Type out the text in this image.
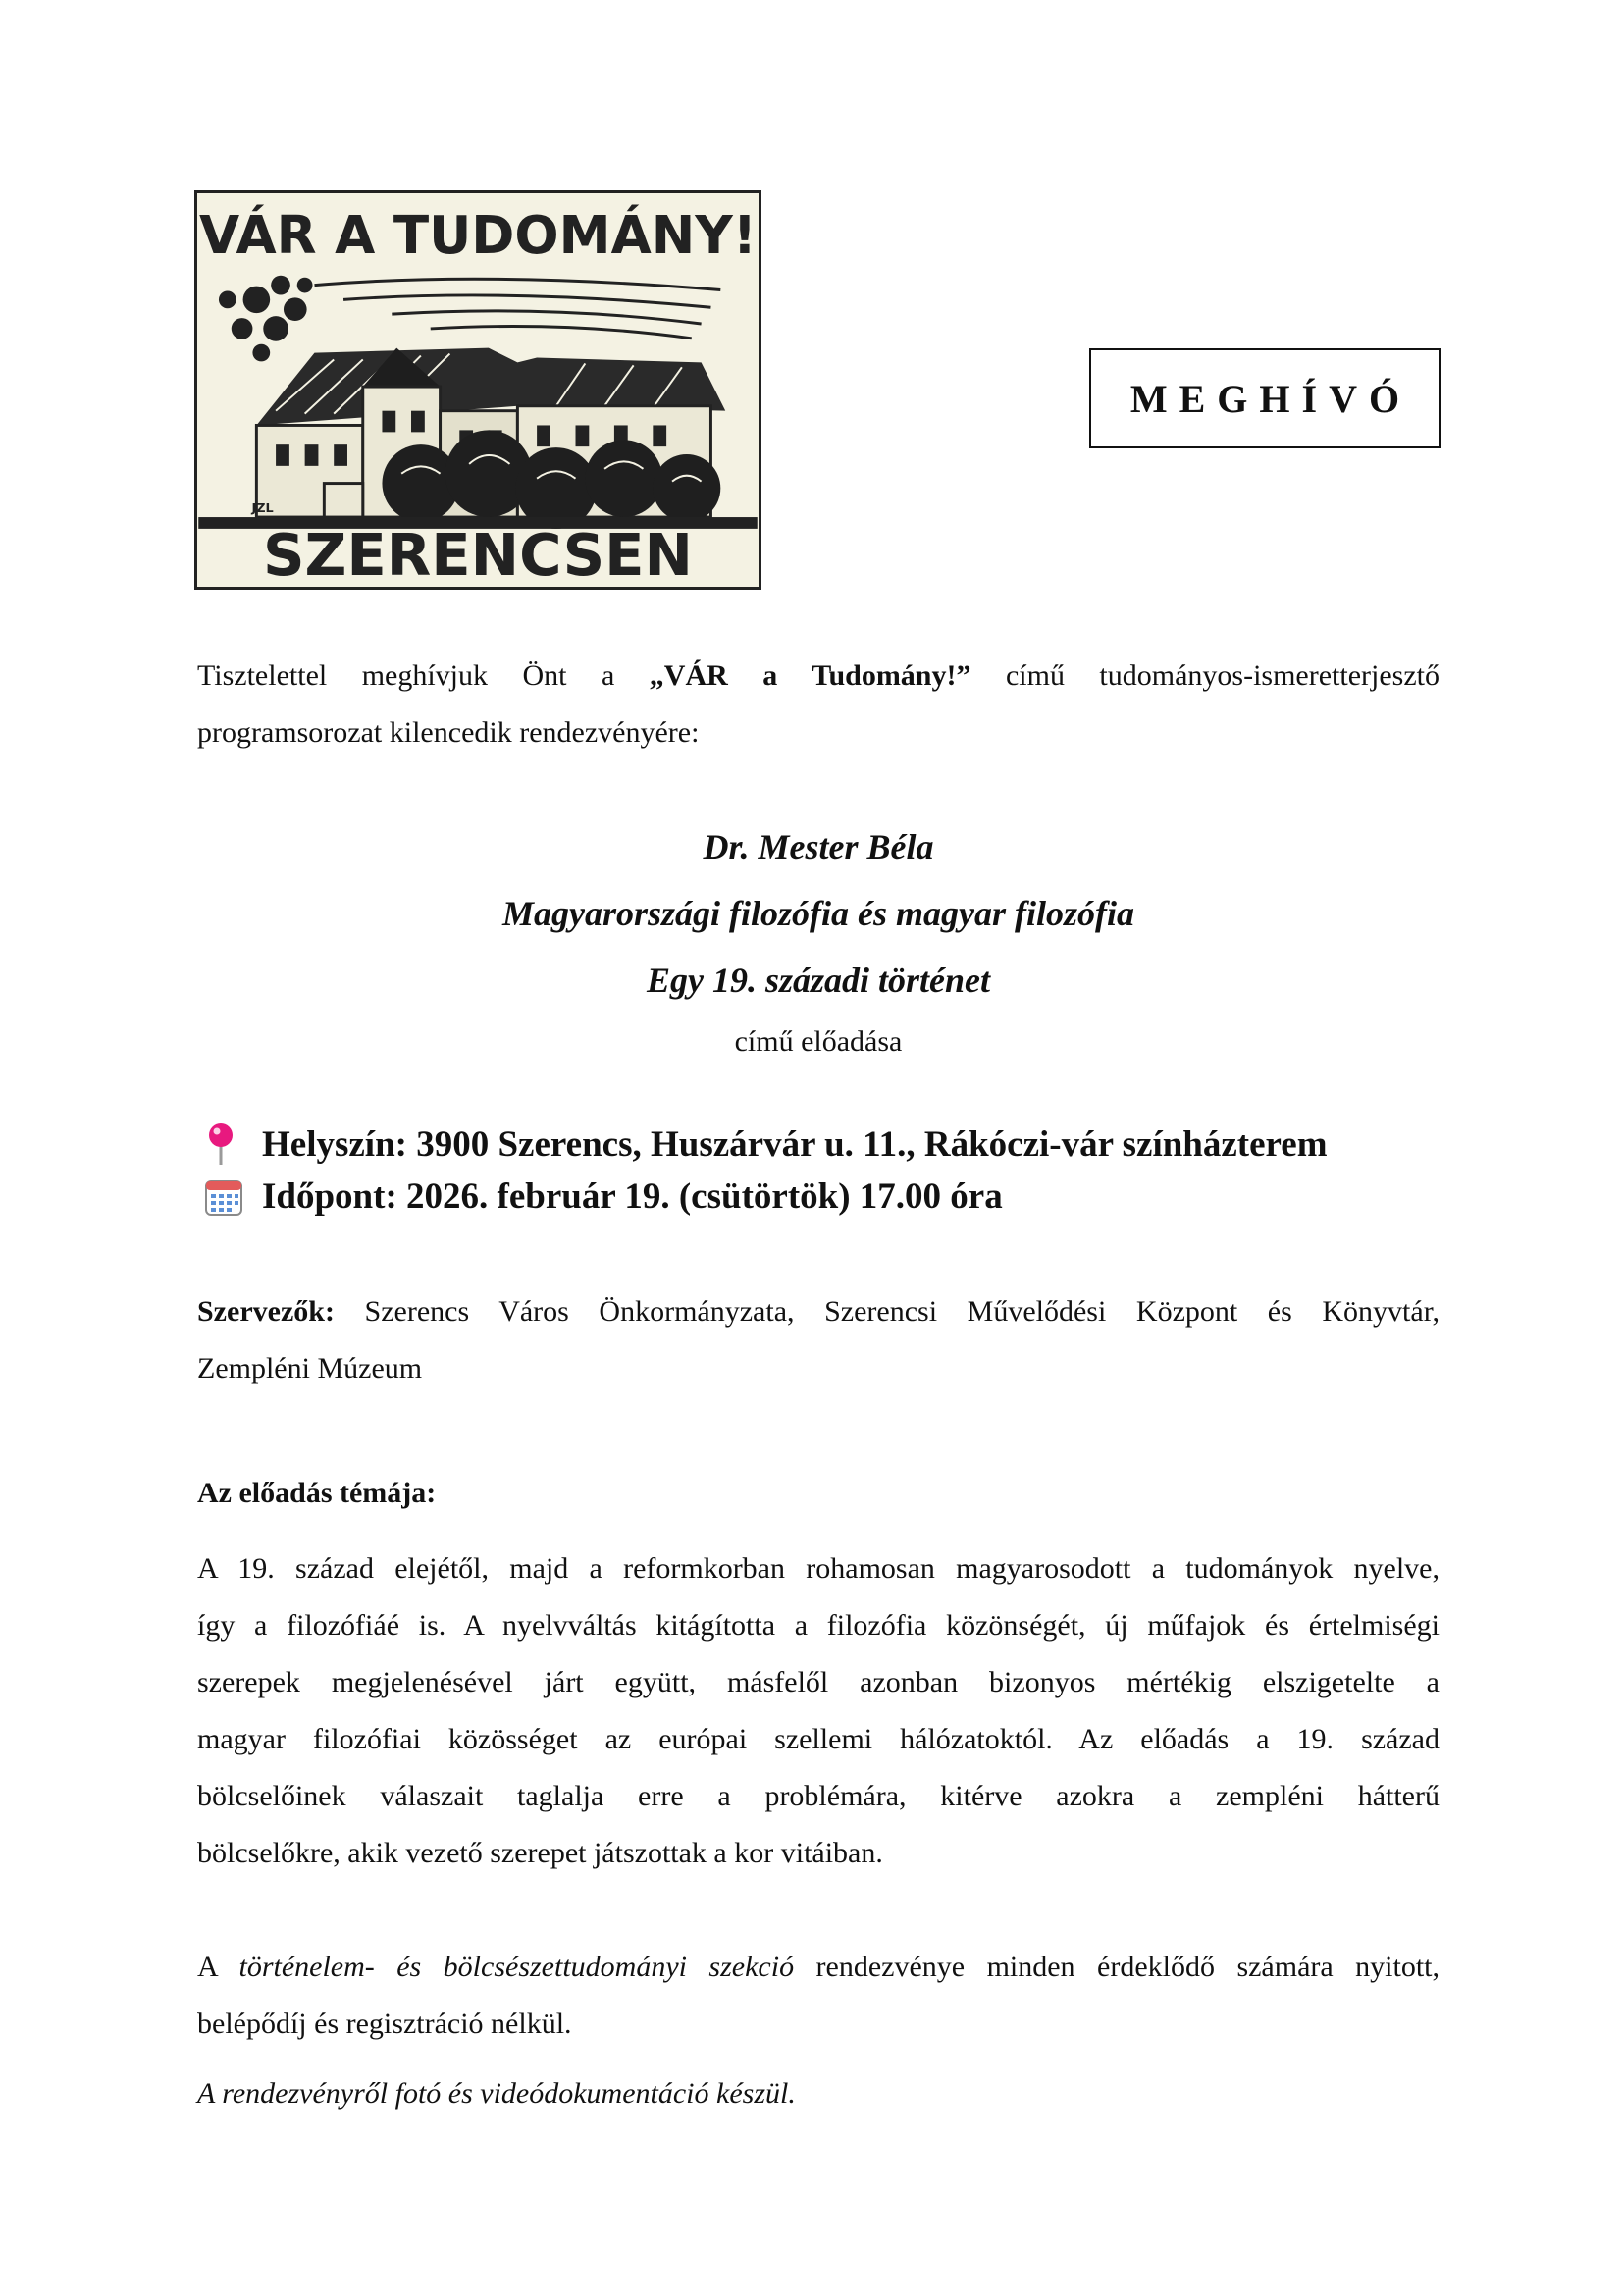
VÁR A TUDOMÁNY!
JZL
SZERENCSEN
MEGHÍVÓ
Tisztelettel meghívjuk Önt a „VÁR a Tudomány!” című tudományos-ismeretterjesztő
programsorozat kilencedik rendezvényére:
Dr. Mester Béla
Magyarországi filozófia és magyar filozófia
Egy 19. századi történet
című előadása
Helyszín: 3900 Szerencs, Huszárvár u. 11., Rákóczi-vár színházterem
Időpont: 2026. február 19. (csütörtök) 17.00 óra
Szervezők: Szerencs Város Önkormányzata, Szerencsi Művelődési Központ és Könyvtár,
Zempléni Múzeum
Az előadás témája:
A 19. század elejétől, majd a reformkorban rohamosan magyarosodott a tudományok nyelve,
így a filozófiáé is. A nyelvváltás kitágította a filozófia közönségét, új műfajok és értelmiségi
szerepek megjelenésével járt együtt, másfelől azonban bizonyos mértékig elszigetelte a
magyar filozófiai közösséget az európai szellemi hálózatoktól. Az előadás a 19. század
bölcselőinek válaszait taglalja erre a problémára, kitérve azokra a zempléni hátterű
bölcselőkre, akik vezető szerepet játszottak a kor vitáiban.
A történelem- és bölcsészettudományi szekció rendezvénye minden érdeklődő számára nyitott,
belépődíj és regisztráció nélkül.
A rendezvényről fotó és videódokumentáció készül.
